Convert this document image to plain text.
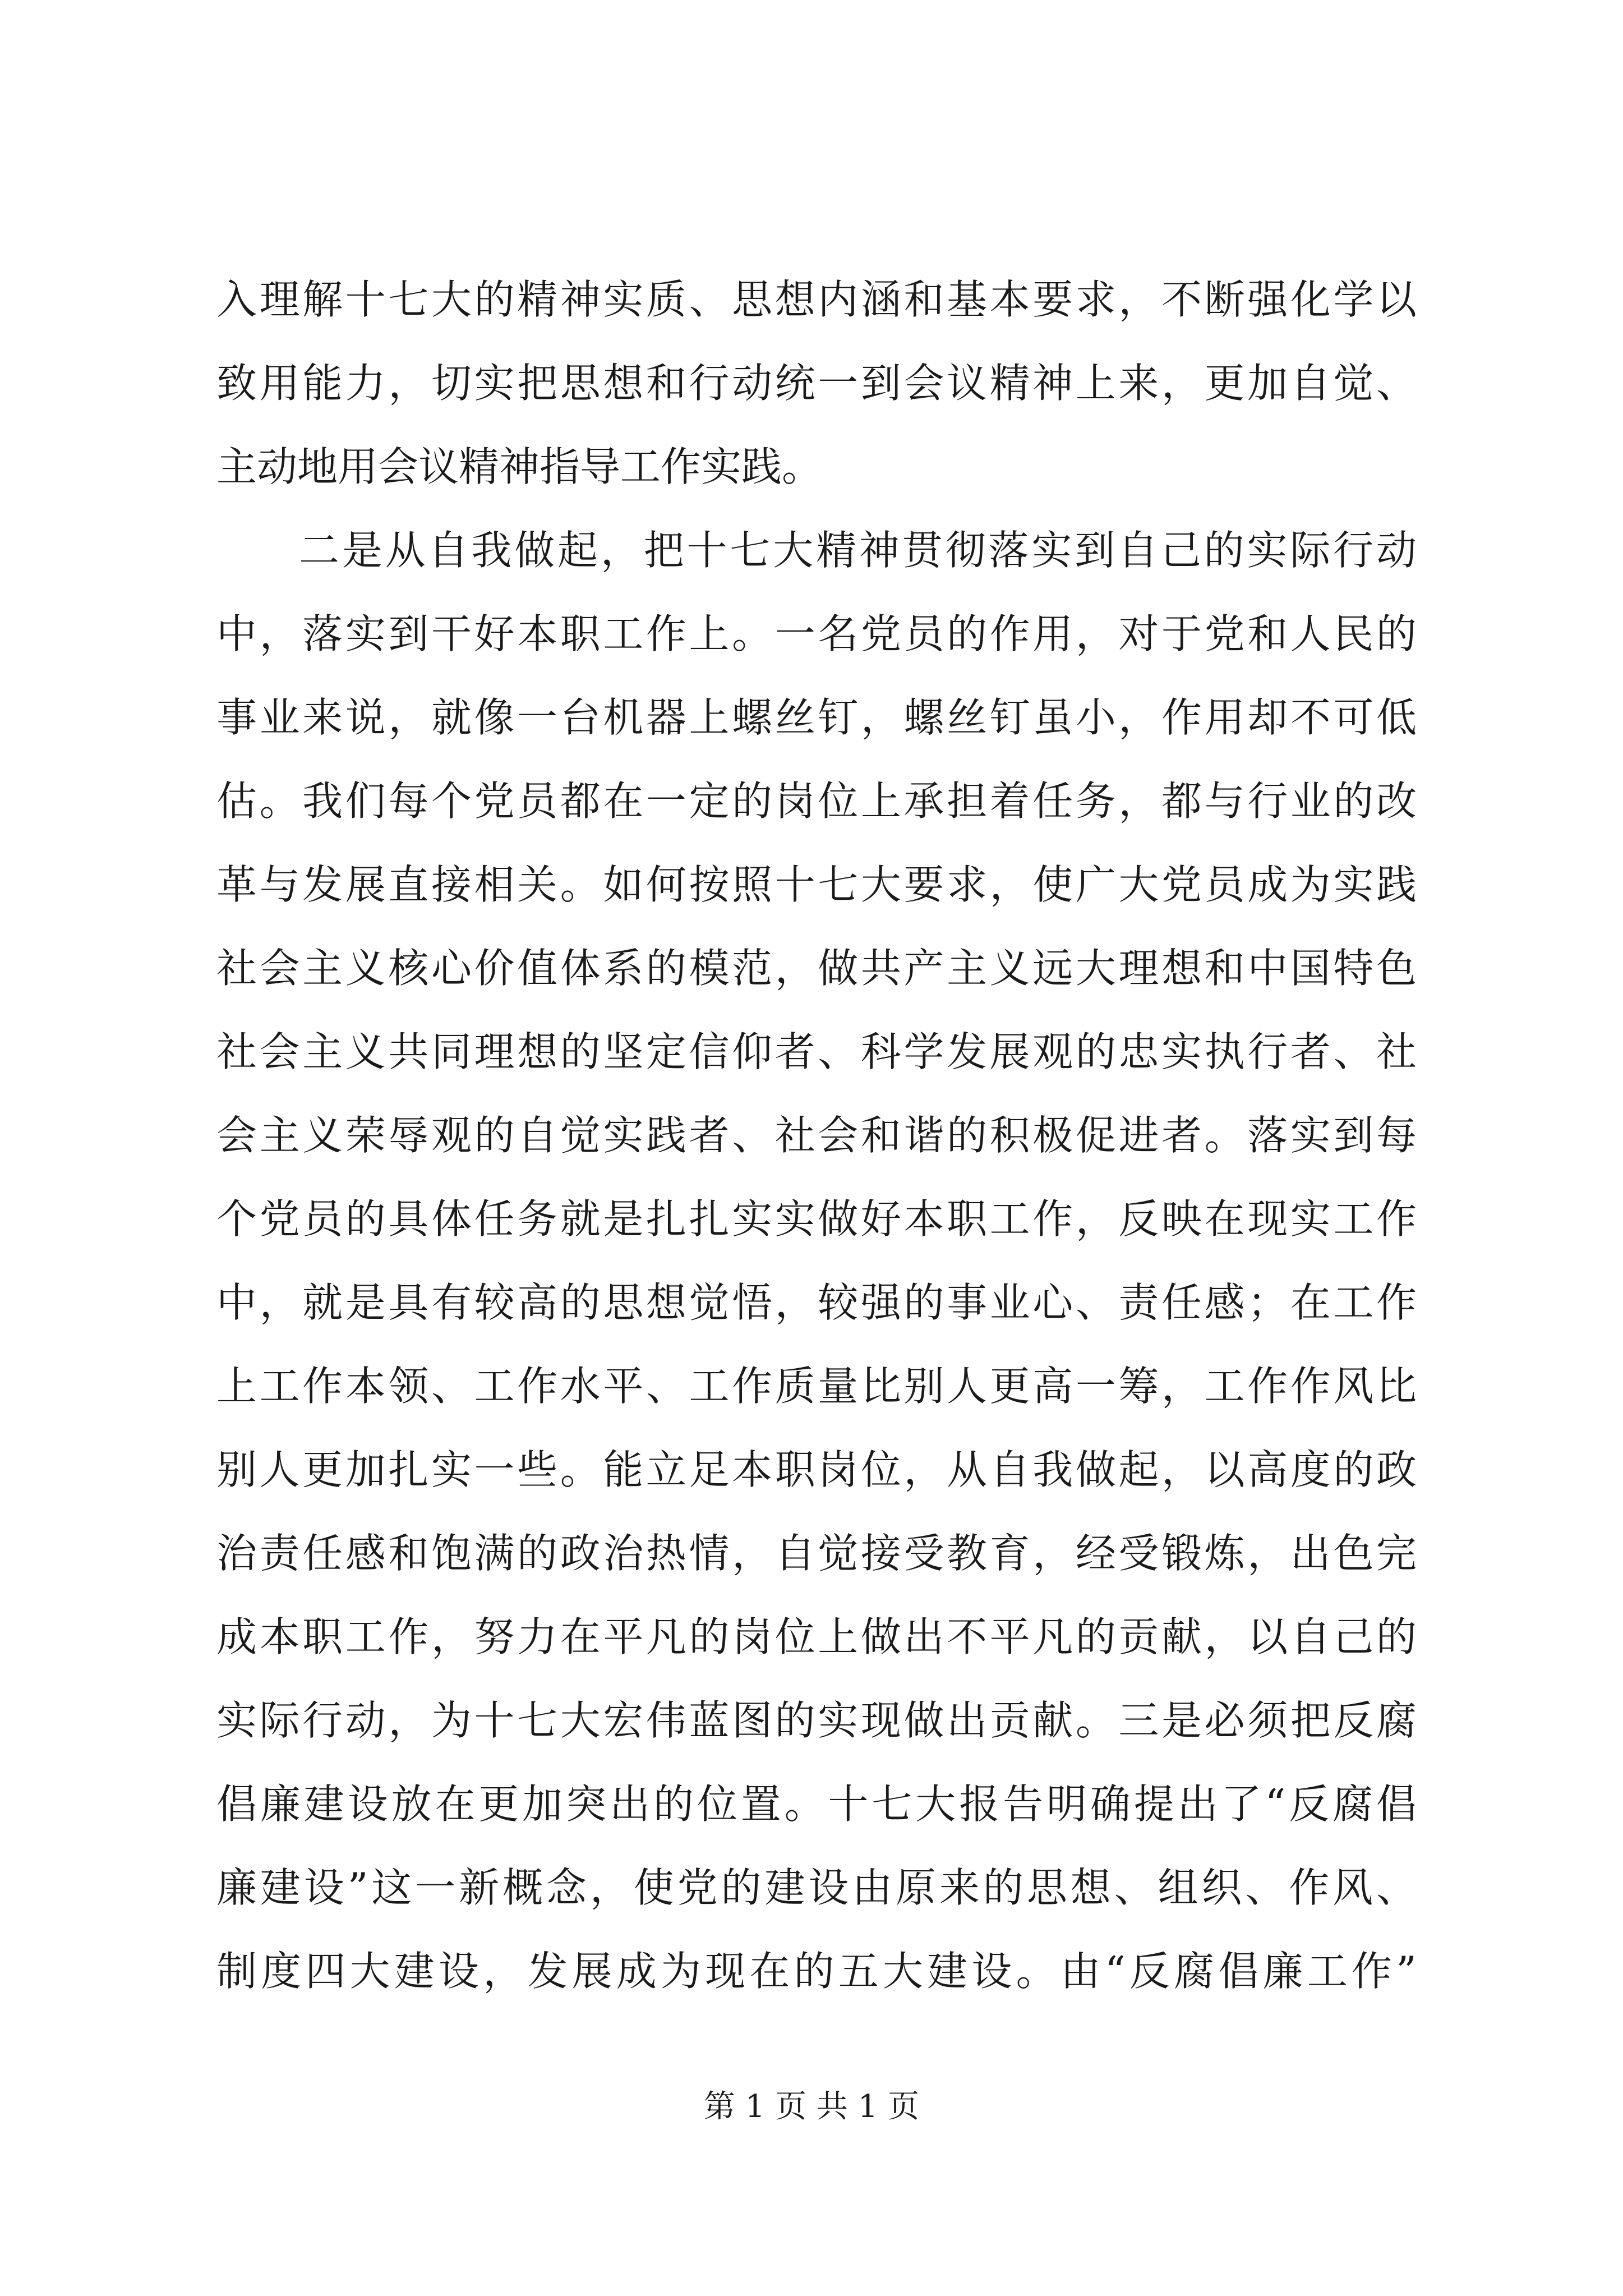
入理解十七大的精神实质、思想内涵和基本要求，不断强化学以
致用能力，切实把思想和行动统一到会议精神上来，更加自觉、
主动地用会议精神指导工作实践。
二是从自我做起，把十七大精神贯彻落实到自己的实际行动
中，落实到干好本职工作上。一名党员的作用，对于党和人民的
事业来说，就像一台机器上螺丝钉，螺丝钉虽小，作用却不可低
估。我们每个党员都在一定的岗位上承担着任务，都与行业的改
革与发展直接相关。如何按照十七大要求，使广大党员成为实践
社会主义核心价值体系的模范，做共产主义远大理想和中国特色
社会主义共同理想的坚定信仰者、科学发展观的忠实执行者、社
会主义荣辱观的自觉实践者、社会和谐的积极促进者。落实到每
个党员的具体任务就是扎扎实实做好本职工作，反映在现实工作
中，就是具有较高的思想觉悟，较强的事业心、责任感；在工作
上工作本领、工作水平、工作质量比别人更高一筹，工作作风比
别人更加扎实一些。能立足本职岗位，从自我做起，以高度的政
治责任感和饱满的政治热情，自觉接受教育，经受锻炼，出色完
成本职工作，努力在平凡的岗位上做出不平凡的贡献，以自己的
实际行动，为十七大宏伟蓝图的实现做出贡献。三是必须把反腐
倡廉建设放在更加突出的位置。十七大报告明确提出了“反腐倡
廉建设”这一新概念，使党的建设由原来的思想、组织、作风、
制度四大建设，发展成为现在的五大建设。由“反腐倡廉工作”
第 1 页 共 1 页
